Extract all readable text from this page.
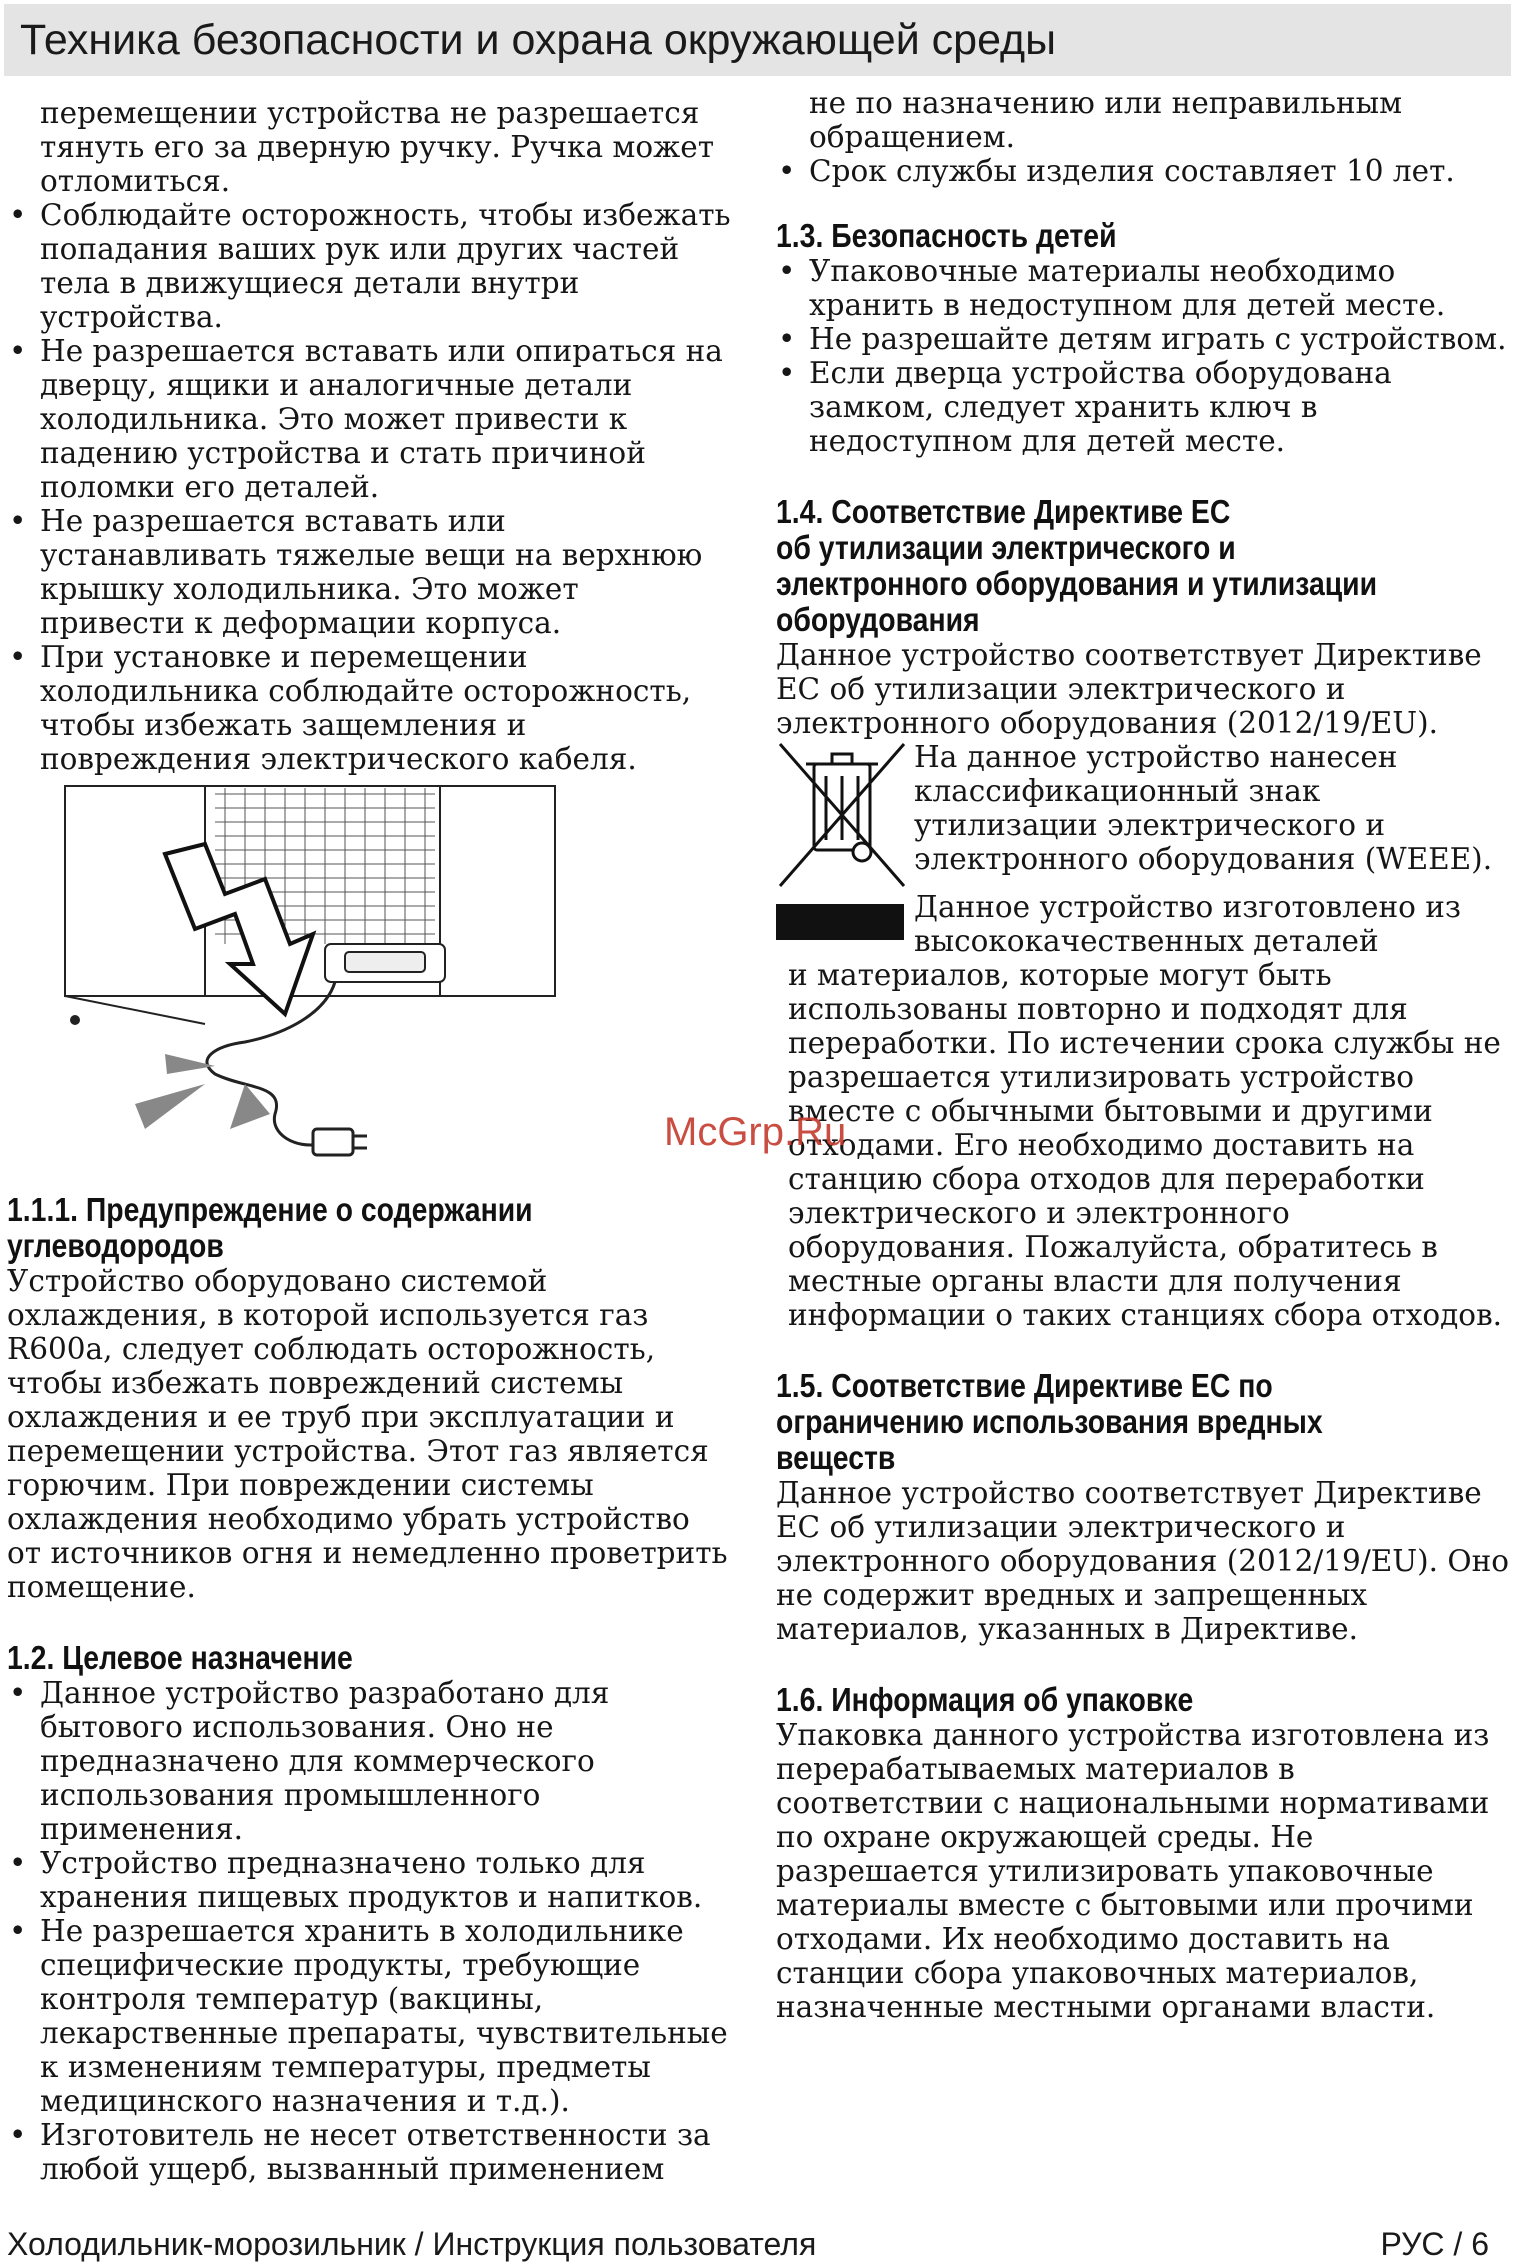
Техника безопасности и охрана окружающей среды

перемещении устройства не разрешается тянуть его за дверную ручку. Ручка может отломиться.

• Соблюдайте осторожность, чтобы избежать попадания ваших рук или других частей тела в движущиеся детали внутри устройства.
• Не разрешается вставать или опираться на дверцу, ящики и аналогичные детали холодильника. Это может привести к падению устройства и стать причиной поломки его деталей.
• Не разрешается вставать или устанавливать тяжелые вещи на верхнюю крышку холодильника. Это может привести к деформации корпуса.
• При установке и перемещении холодильника соблюдайте осторожность, чтобы избежать защемления и повреждения электрического кабеля.
1.1.1. Предупреждение о содержании
углеводородов

Устройство оборудовано системой охлаждения, в которой используется газ R600a, следует соблюдать осторожность, чтобы избежать повреждений системы охлаждения и ее труб при эксплуатации и перемещении устройства. Этот газ является горючим. При повреждении системы охлаждения необходимо убрать устройство от источников огня и немедленно проветрить помещение.

1.2. Целевое назначение
• Данное устройство разработано для бытового использования. Оно не предназначено для коммерческого использования промышленного применения.
• Устройство предназначено только для хранения пищевых продуктов и напитков.
• Не разрешается хранить в холодильнике специфические продукты, требующие контроля температур (вакцины, лекарственные препараты, чувствительные к изменениям температуры, предметы медицинского назначения и т.д.).
• Изготовитель не несет ответственности за любой ущерб, вызванный применением

не по назначению или неправильным обращением.

• Срок службы изделия составляет 10 лет.
1.3. Безопасность детей
• Упаковочные материалы необходимо хранить в недоступном для детей месте.
• Не разрешайте детям играть с устройством.
• Если дверца устройства оборудована замком, следует хранить ключ в недоступном для детей месте.
1.4. Соответствие Директиве ЕС
об утилизации электрического и
электронного оборудования и утилизации
оборудования

Данное устройство соответствует Директиве ЕС об утилизации электрического и электронного оборудования (2012/19/EU).

На данное устройство нанесен классификационный знак утилизации электрического и электронного оборудования (WEEE).

Данное устройство изготовлено из высококачественных деталей

и материалов, которые могут быть использованы повторно и подходят для переработки. По истечении срока службы не разрешается утилизировать устройство вместе с обычными бытовыми и другими отходами. Его необходимо доставить на станцию сбора отходов для переработки электрического и электронного оборудования. Пожалуйста, обратитесь в местные органы власти для получения информации о таких станциях сбора отходов.

1.5. Соответствие Директиве ЕС по
ограничению использования вредных
веществ

Данное устройство соответствует Директиве ЕС об утилизации электрического и электронного оборудования (2012/19/EU). Оно не содержит вредных и запрещенных материалов, указанных в Директиве.

1.6. Информация об упаковке

Упаковка данного устройства изготовлена из перерабатываемых материалов в соответствии с национальными нормативами по охране окружающей среды. Не разрешается утилизировать упаковочные материалы вместе с бытовыми или прочими отходами. Их необходимо доставить на станции сбора упаковочных материалов, назначенные местными органами власти.

McGrp.Ru
Холодильник-морозильник / Инструкция пользователя	РУС / 6
